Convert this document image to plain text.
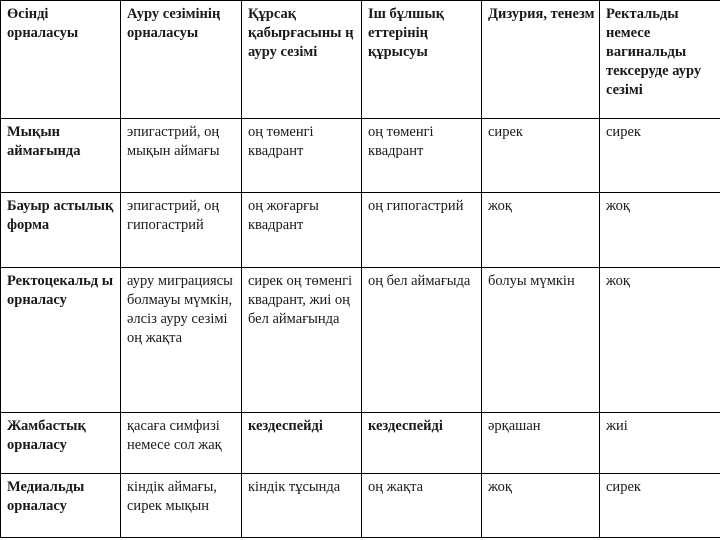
Өсінді орналасуы	Ауру сезімінің орналасуы	Құрсақ қабырғасыны ң ауру сезімі	Іш бұлшық еттерінің құрысуы	Дизурия, тенезм	Ректальды немесе вагинальды тексеруде ауру сезімі
Мықын аймағында	эпигастрий, оң мықын аймағы	оң төменгі квадрант	оң төменгі квадрант	сирек	сирек
Бауыр астылық форма	эпигастрий, оң гипогастрий	оң жоғарғы квадрант	оң гипогастрий	жоқ	жоқ
Ректоцекальд ы орналасу	ауру миграциясы болмауы мүмкін, әлсіз ауру сезімі оң жақта	сирек оң төменгі квадрант, жиі оң бел аймағында	оң бел аймағыда	болуы мүмкін	жоқ
Жамбастық орналасу	қасаға симфизі немесе сол жақ	кездеспейді	кездеспейді	әрқашан	жиі
Медиальды орналасу	кіндік аймағы, сирек мықын	кіндік тұсында	оң жақта	жоқ	сирек
